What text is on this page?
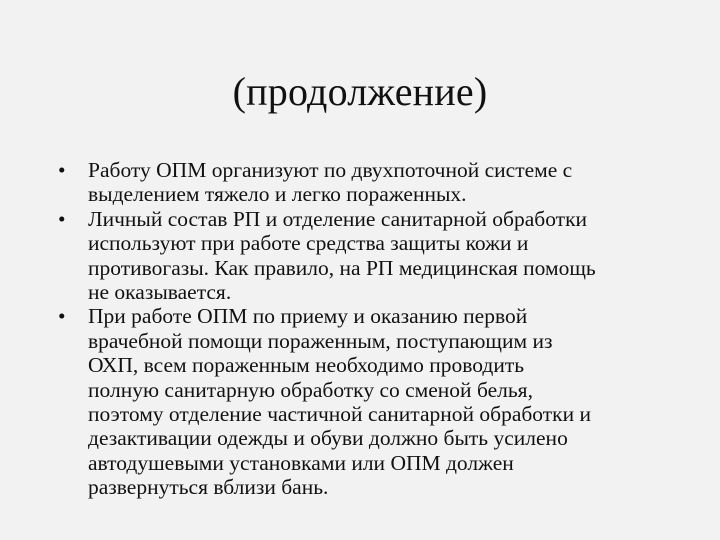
(продолжение)
•	Работу ОПМ организуют по двухпоточной системе с
выделением тяжело и легко пораженных.
•	Личный состав РП и отделение санитарной обработки
используют при работе средства защиты кожи и
противогазы. Как правило, на РП медицинская помощь
не оказывается.
•	При работе ОПМ по приему и оказанию первой
врачебной помощи пораженным, поступающим из
ОХП, всем пораженным необходимо проводить
полную санитарную обработку со сменой белья,
поэтому отделение частичной санитарной обработки и
дезактивации одежды и обуви должно быть усилено
автодушевыми установками или ОПМ должен
развернуться вблизи бань.
